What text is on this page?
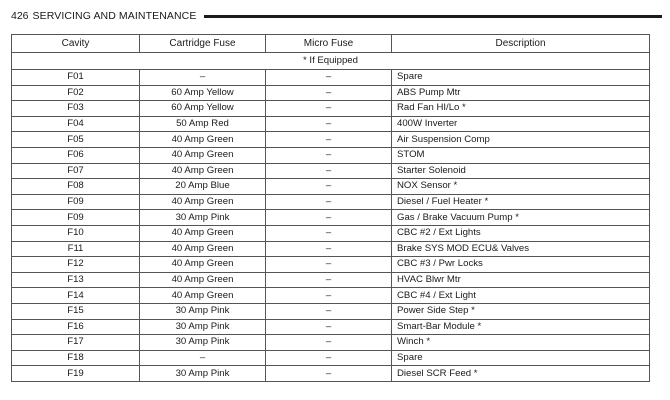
426 SERVICING AND MAINTENANCE
Cavity	Cartridge Fuse	Micro Fuse	Description
* If Equipped			
F01	–	–	Spare
F02	60 Amp Yellow	–	ABS Pump Mtr
F03	60 Amp Yellow	–	Rad Fan HI/Lo *
F04	50 Amp Red	–	400W Inverter
F05	40 Amp Green	–	Air Suspension Comp
F06	40 Amp Green	–	STOM
F07	40 Amp Green	–	Starter Solenoid
F08	20 Amp Blue	–	NOX Sensor *
F09	40 Amp Green	–	Diesel / Fuel Heater *
F09	30 Amp Pink	–	Gas / Brake Vacuum Pump *
F10	40 Amp Green	–	CBC #2 / Ext Lights
F11	40 Amp Green	–	Brake SYS MOD ECU& Valves
F12	40 Amp Green	–	CBC #3 / Pwr Locks
F13	40 Amp Green	–	HVAC Blwr Mtr
F14	40 Amp Green	–	CBC #4 / Ext Light
F15	30 Amp Pink	–	Power Side Step *
F16	30 Amp Pink	–	Smart-Bar Module *
F17	30 Amp Pink	–	Winch *
F18	–	–	Spare
F19	30 Amp Pink	–	Diesel SCR Feed *
